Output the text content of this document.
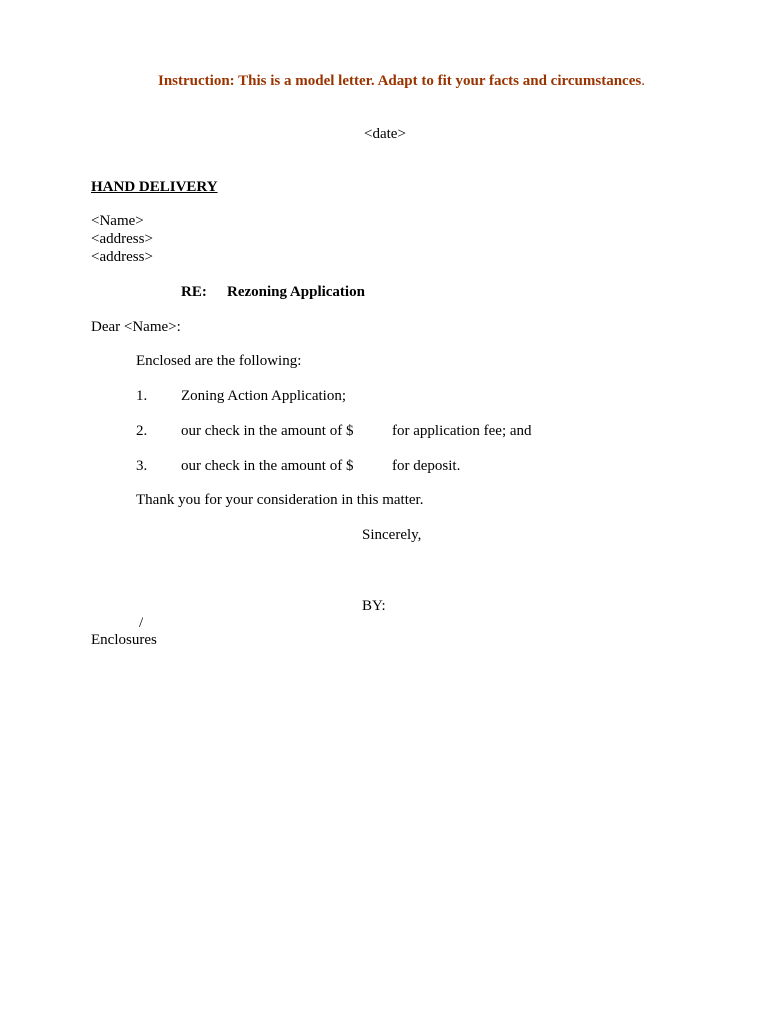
Instruction: This is a model letter. Adapt to fit your facts and circumstances.
<date>
HAND DELIVERY
<Name>
<address>
<address>
RE: Rezoning Application
Dear <Name>:
Enclosed are the following:
1. Zoning Action Application;
2. our check in the amount of $	for application fee; and
3. our check in the amount of $	for deposit.
Thank you for your consideration in this matter.
Sincerely,
BY:
/
Enclosures
